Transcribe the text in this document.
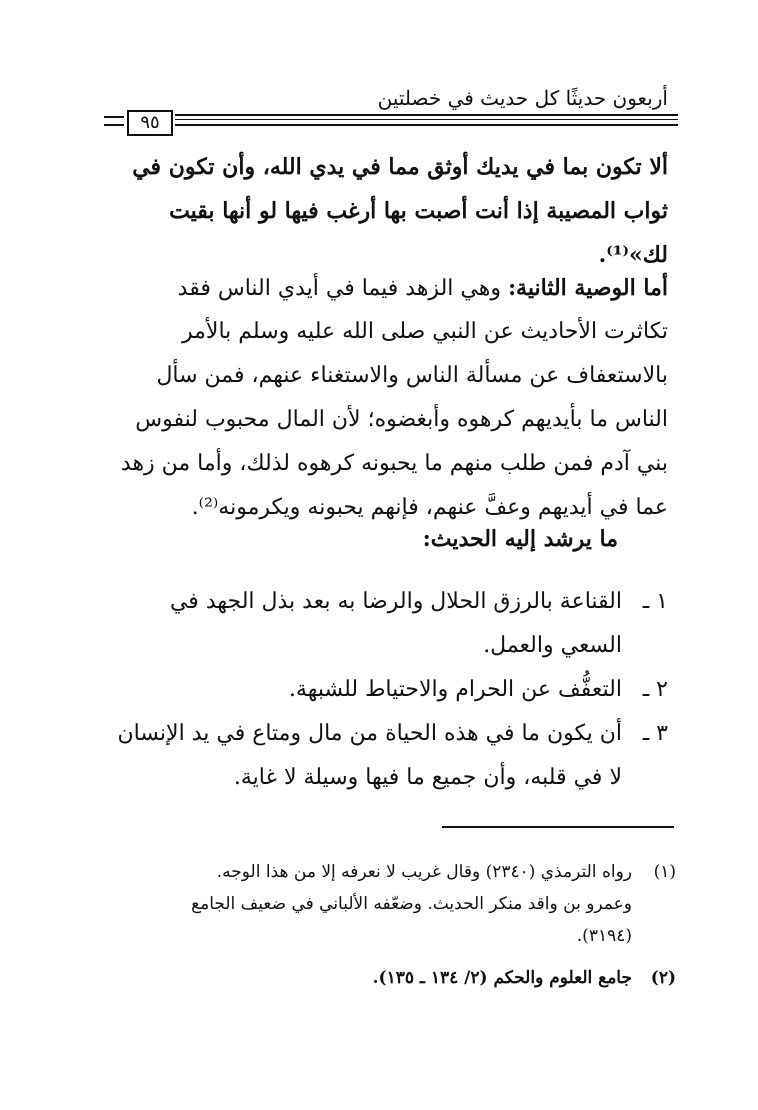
أربعون حديثًا كل حديث في خصلتين
٩٥
ألا تكون بما في يديك أوثق مما في يدي الله، وأن تكون في
ثواب المصيبة إذا أنت أصبت بها أرغب فيها لو أنها بقيت
لك»⁽¹⁾.
أما الوصية الثانية: وهي الزهد فيما في أيدي الناس فقد
تكاثرت الأحاديث عن النبي صلى الله عليه وسلم بالأمر
بالاستعفاف عن مسألة الناس والاستغناء عنهم، فمن سأل
الناس ما بأيديهم كرهوه وأبغضوه؛ لأن المال محبوب لنفوس
بني آدم فمن طلب منهم ما يحبونه كرهوه لذلك، وأما من زهد
عما في أيديهم وعفَّ عنهم، فإنهم يحبونه ويكرمونه⁽²⁾.
ما يرشد إليه الحديث:
١ ـ
القناعة بالرزق الحلال والرضا به بعد بذل الجهد في
السعي والعمل.
٢ ـ
التعفُّف عن الحرام والاحتياط للشبهة.
٣ ـ
أن يكون ما في هذه الحياة من مال ومتاع في يد الإنسان
لا في قلبه، وأن جميع ما فيها وسيلة لا غاية.
(١)
رواه الترمذي (٢٣٤٠) وقال غريب لا نعرفه إلا من هذا الوجه.
وعمرو بن واقد منكر الحديث. وضعّفه الألباني في ضعيف الجامع
(٣١٩٤).
(٢)
جامع العلوم والحكم (٢/ ١٣٤ ـ ١٣٥).
